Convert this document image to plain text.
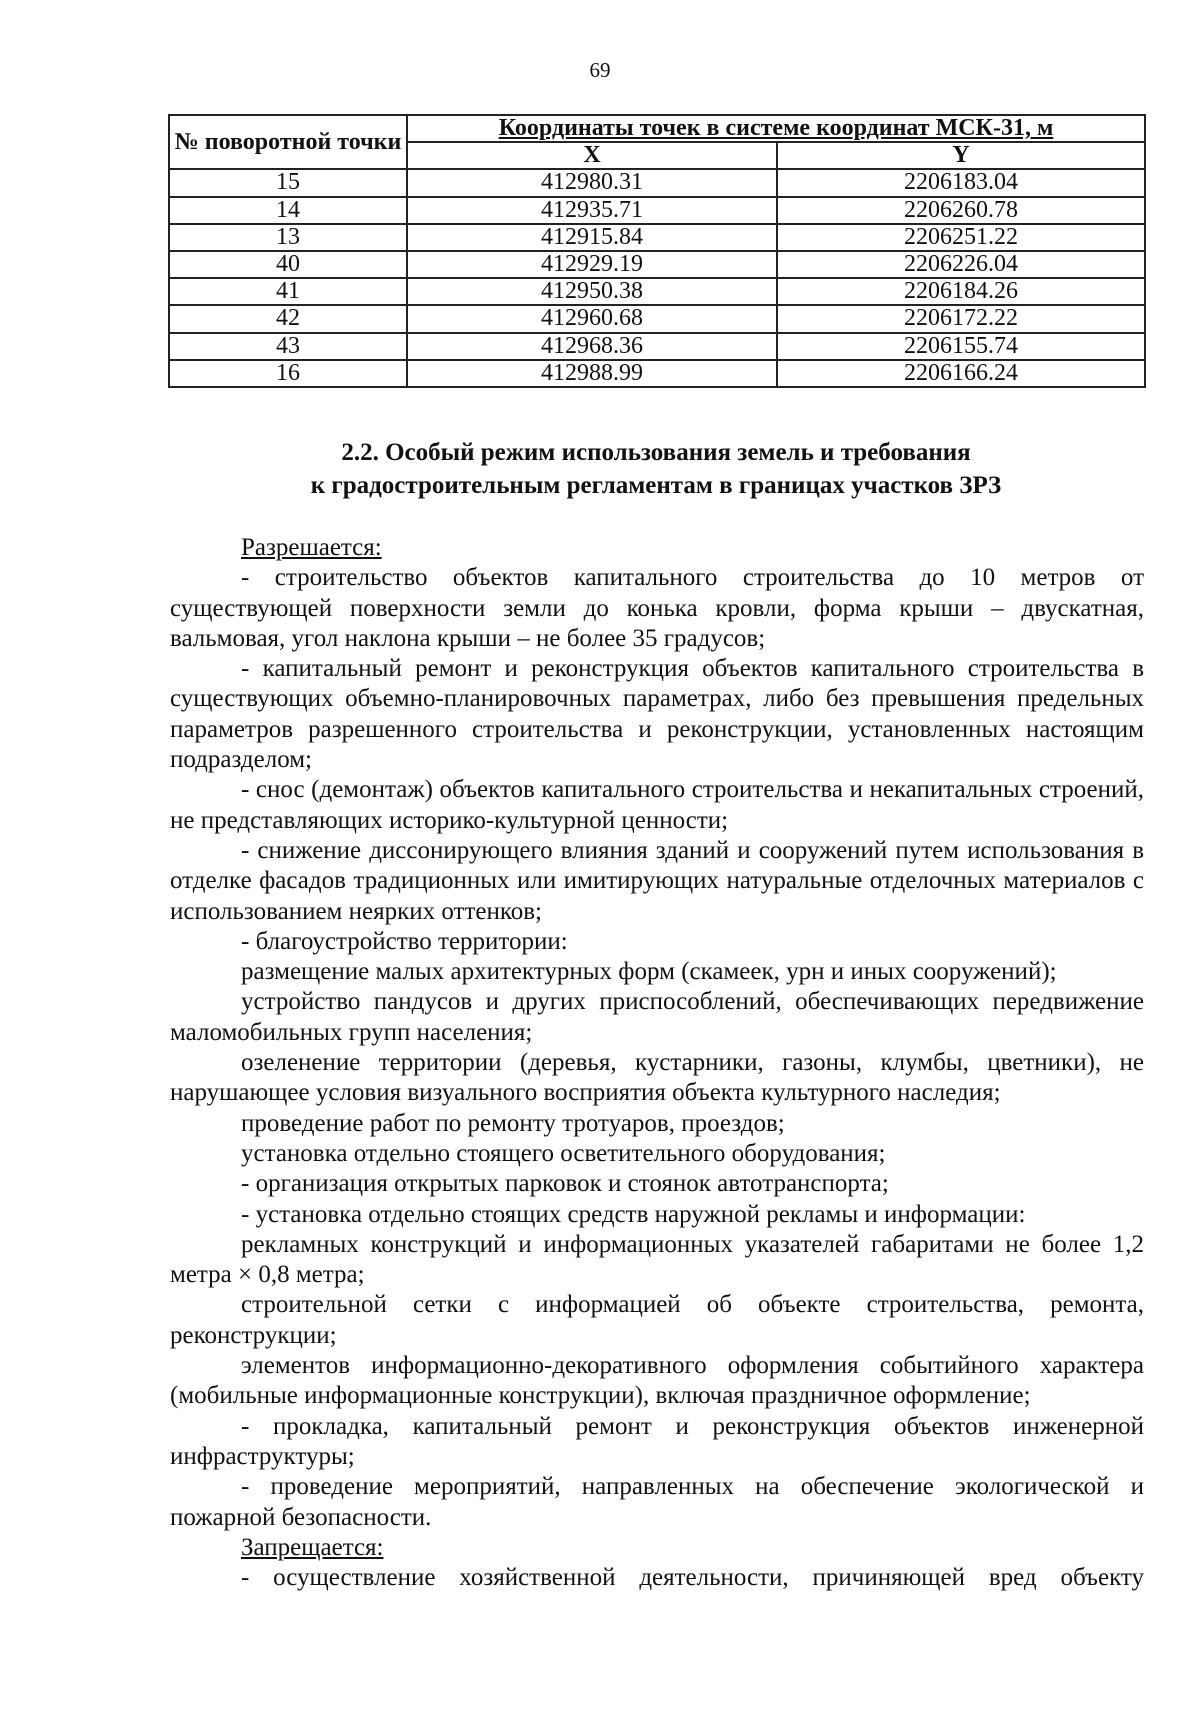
69
№ поворотной точки	Координаты точек в системе координат МСК-31, м	
	X	Y
15	412980.31	2206183.04
14	412935.71	2206260.78
13	412915.84	2206251.22
40	412929.19	2206226.04
41	412950.38	2206184.26
42	412960.68	2206172.22
43	412968.36	2206155.74
16	412988.99	2206166.24
2.2. Особый режим использования земель и требования
к градостроительным регламентам в границах участков ЗРЗ

Разрешается:

- строительство объектов капитального строительства до 10 метров от существующей поверхности земли до конька кровли, форма крыши – двускатная, вальмовая, угол наклона крыши – не более 35 градусов;

- капитальный ремонт и реконструкция объектов капитального строительства в существующих объемно-планировочных параметрах, либо без превышения предельных параметров разрешенного строительства и реконструкции, установленных настоящим подразделом;

- снос (демонтаж) объектов капитального строительства и некапитальных строений, не представляющих историко-культурной ценности;

- снижение диссонирующего влияния зданий и сооружений путем использования в отделке фасадов традиционных или имитирующих натуральные отделочных материалов с использованием неярких оттенков;

- благоустройство территории:

размещение малых архитектурных форм (скамеек, урн и иных сооружений);

устройство пандусов и других приспособлений, обеспечивающих передвижение маломобильных групп населения;

озеленение территории (деревья, кустарники, газоны, клумбы, цветники), не нарушающее условия визуального восприятия объекта культурного наследия;

проведение работ по ремонту тротуаров, проездов;

установка отдельно стоящего осветительного оборудования;

- организация открытых парковок и стоянок автотранспорта;

- установка отдельно стоящих средств наружной рекламы и информации:

рекламных конструкций и информационных указателей габаритами не более 1,2 метра × 0,8 метра;

строительной сетки с информацией об объекте строительства, ремонта, реконструкции;

элементов информационно-декоративного оформления событийного характера (мобильные информационные конструкции), включая праздничное оформление;

- прокладка, капитальный ремонт и реконструкция объектов инженерной инфраструктуры;

- проведение мероприятий, направленных на обеспечение экологической и пожарной безопасности.

Запрещается:

- осуществление хозяйственной деятельности, причиняющей вред объекту
